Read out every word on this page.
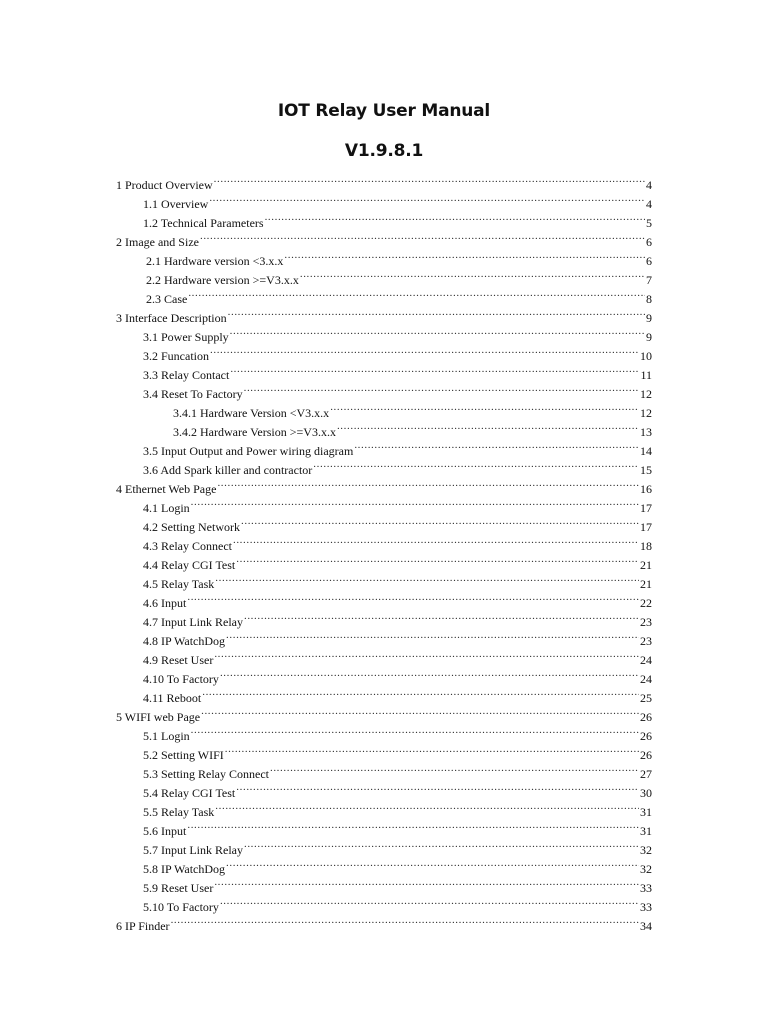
IOT Relay User Manual
V1.9.8.1
1 Product Overview .....	4
1.1 Overview .....	4
1.2 Technical Parameters .....	5
2 Image and Size .....	6
2.1 Hardware version <3.x.x .....	6
2.2 Hardware version >=V3.x.x .....	7
2.3 Case .....	8
3 Interface Description .....	9
3.1 Power Supply .....	9
3.2 Funcation .....	10
3.3 Relay Contact .....	11
3.4 Reset To Factory .....	12
3.4.1 Hardware Version <V3.x.x .....	12
3.4.2 Hardware Version >=V3.x.x .....	13
3.5 Input Output and Power wiring diagram .....	14
3.6 Add Spark killer and contractor .....	15
4 Ethernet Web Page .....	16
4.1 Login .....	17
4.2 Setting Network .....	17
4.3 Relay Connect .....	18
4.4 Relay CGI Test .....	21
4.5 Relay Task .....	21
4.6 Input .....	22
4.7 Input Link Relay .....	23
4.8 IP WatchDog .....	23
4.9 Reset User .....	24
4.10 To Factory .....	24
4.11 Reboot .....	25
5 WIFI web Page .....	26
5.1 Login .....	26
5.2 Setting WIFI .....	26
5.3 Setting Relay Connect .....	27
5.4 Relay CGI Test .....	30
5.5 Relay Task .....	31
5.6 Input .....	31
5.7 Input Link Relay .....	32
5.8 IP WatchDog .....	32
5.9 Reset User .....	33
5.10 To Factory .....	33
6 IP Finder .....	34
